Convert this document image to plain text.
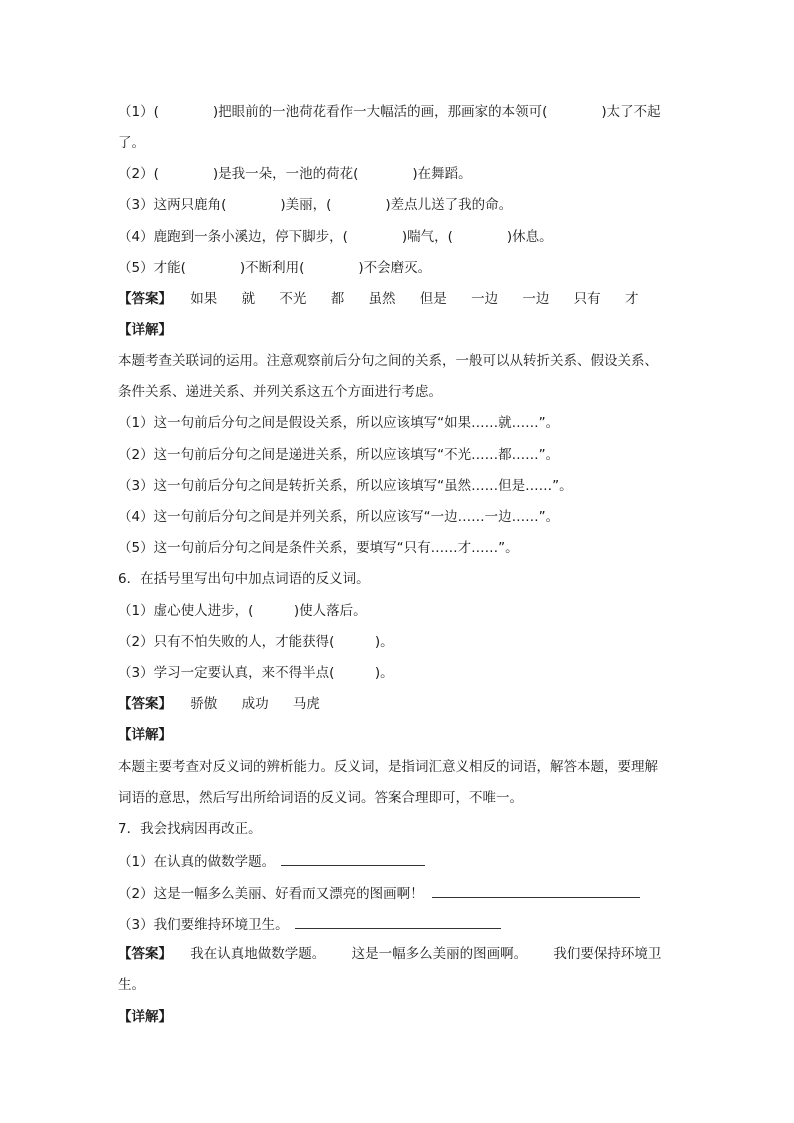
（1）(　　　　)把眼前的一池荷花看作一大幅活的画，那画家的本领可(　　　　)太了不起
了。
（2）(　　　　)是我一朵，一池的荷花(　　　　)在舞蹈。
（3）这两只鹿角(　　　　)美丽，(　　　　)差点儿送了我的命。
（4）鹿跑到一条小溪边，停下脚步，(　　　　)喘气，(　　　　)休息。
（5）才能(　　　　)不断利用(　　　　)不会磨灭。
【答案】 如果 就 不光 都 虽然 但是 一边 一边 只有 才
【详解】
本题考查关联词的运用。注意观察前后分句之间的关系，一般可以从转折关系、假设关系、
条件关系、递进关系、并列关系这五个方面进行考虑。
（1）这一句前后分句之间是假设关系，所以应该填写“如果……就……”。
（2）这一句前后分句之间是递进关系，所以应该填写“不光……都……”。
（3）这一句前后分句之间是转折关系，所以应该填写“虽然……但是……”。
（4）这一句前后分句之间是并列关系，所以应该写“一边……一边……”。
（5）这一句前后分句之间是条件关系，要填写“只有……才……”。
6．在括号里写出句中加点词语的反义词。
（1）虚心使人进步，(　　　)使人落后。
（2）只有不怕失败的人，才能获得(　　　)。
（3）学习一定要认真，来不得半点(　　　)。
【答案】 骄傲 成功 马虎
【详解】
本题主要考查对反义词的辨析能力。反义词，是指词汇意义相反的词语，解答本题，要理解
词语的意思，然后写出所给词语的反义词。答案合理即可，不唯一。
7．我会找病因再改正。
（1）在认真的做数学题。
（2）这是一幅多么美丽、好看而又漂亮的图画啊！
（3）我们要维持环境卫生。
【答案】 我在认真地做数学题。 这是一幅多么美丽的图画啊。 我们要保持环境卫
生。
【详解】
